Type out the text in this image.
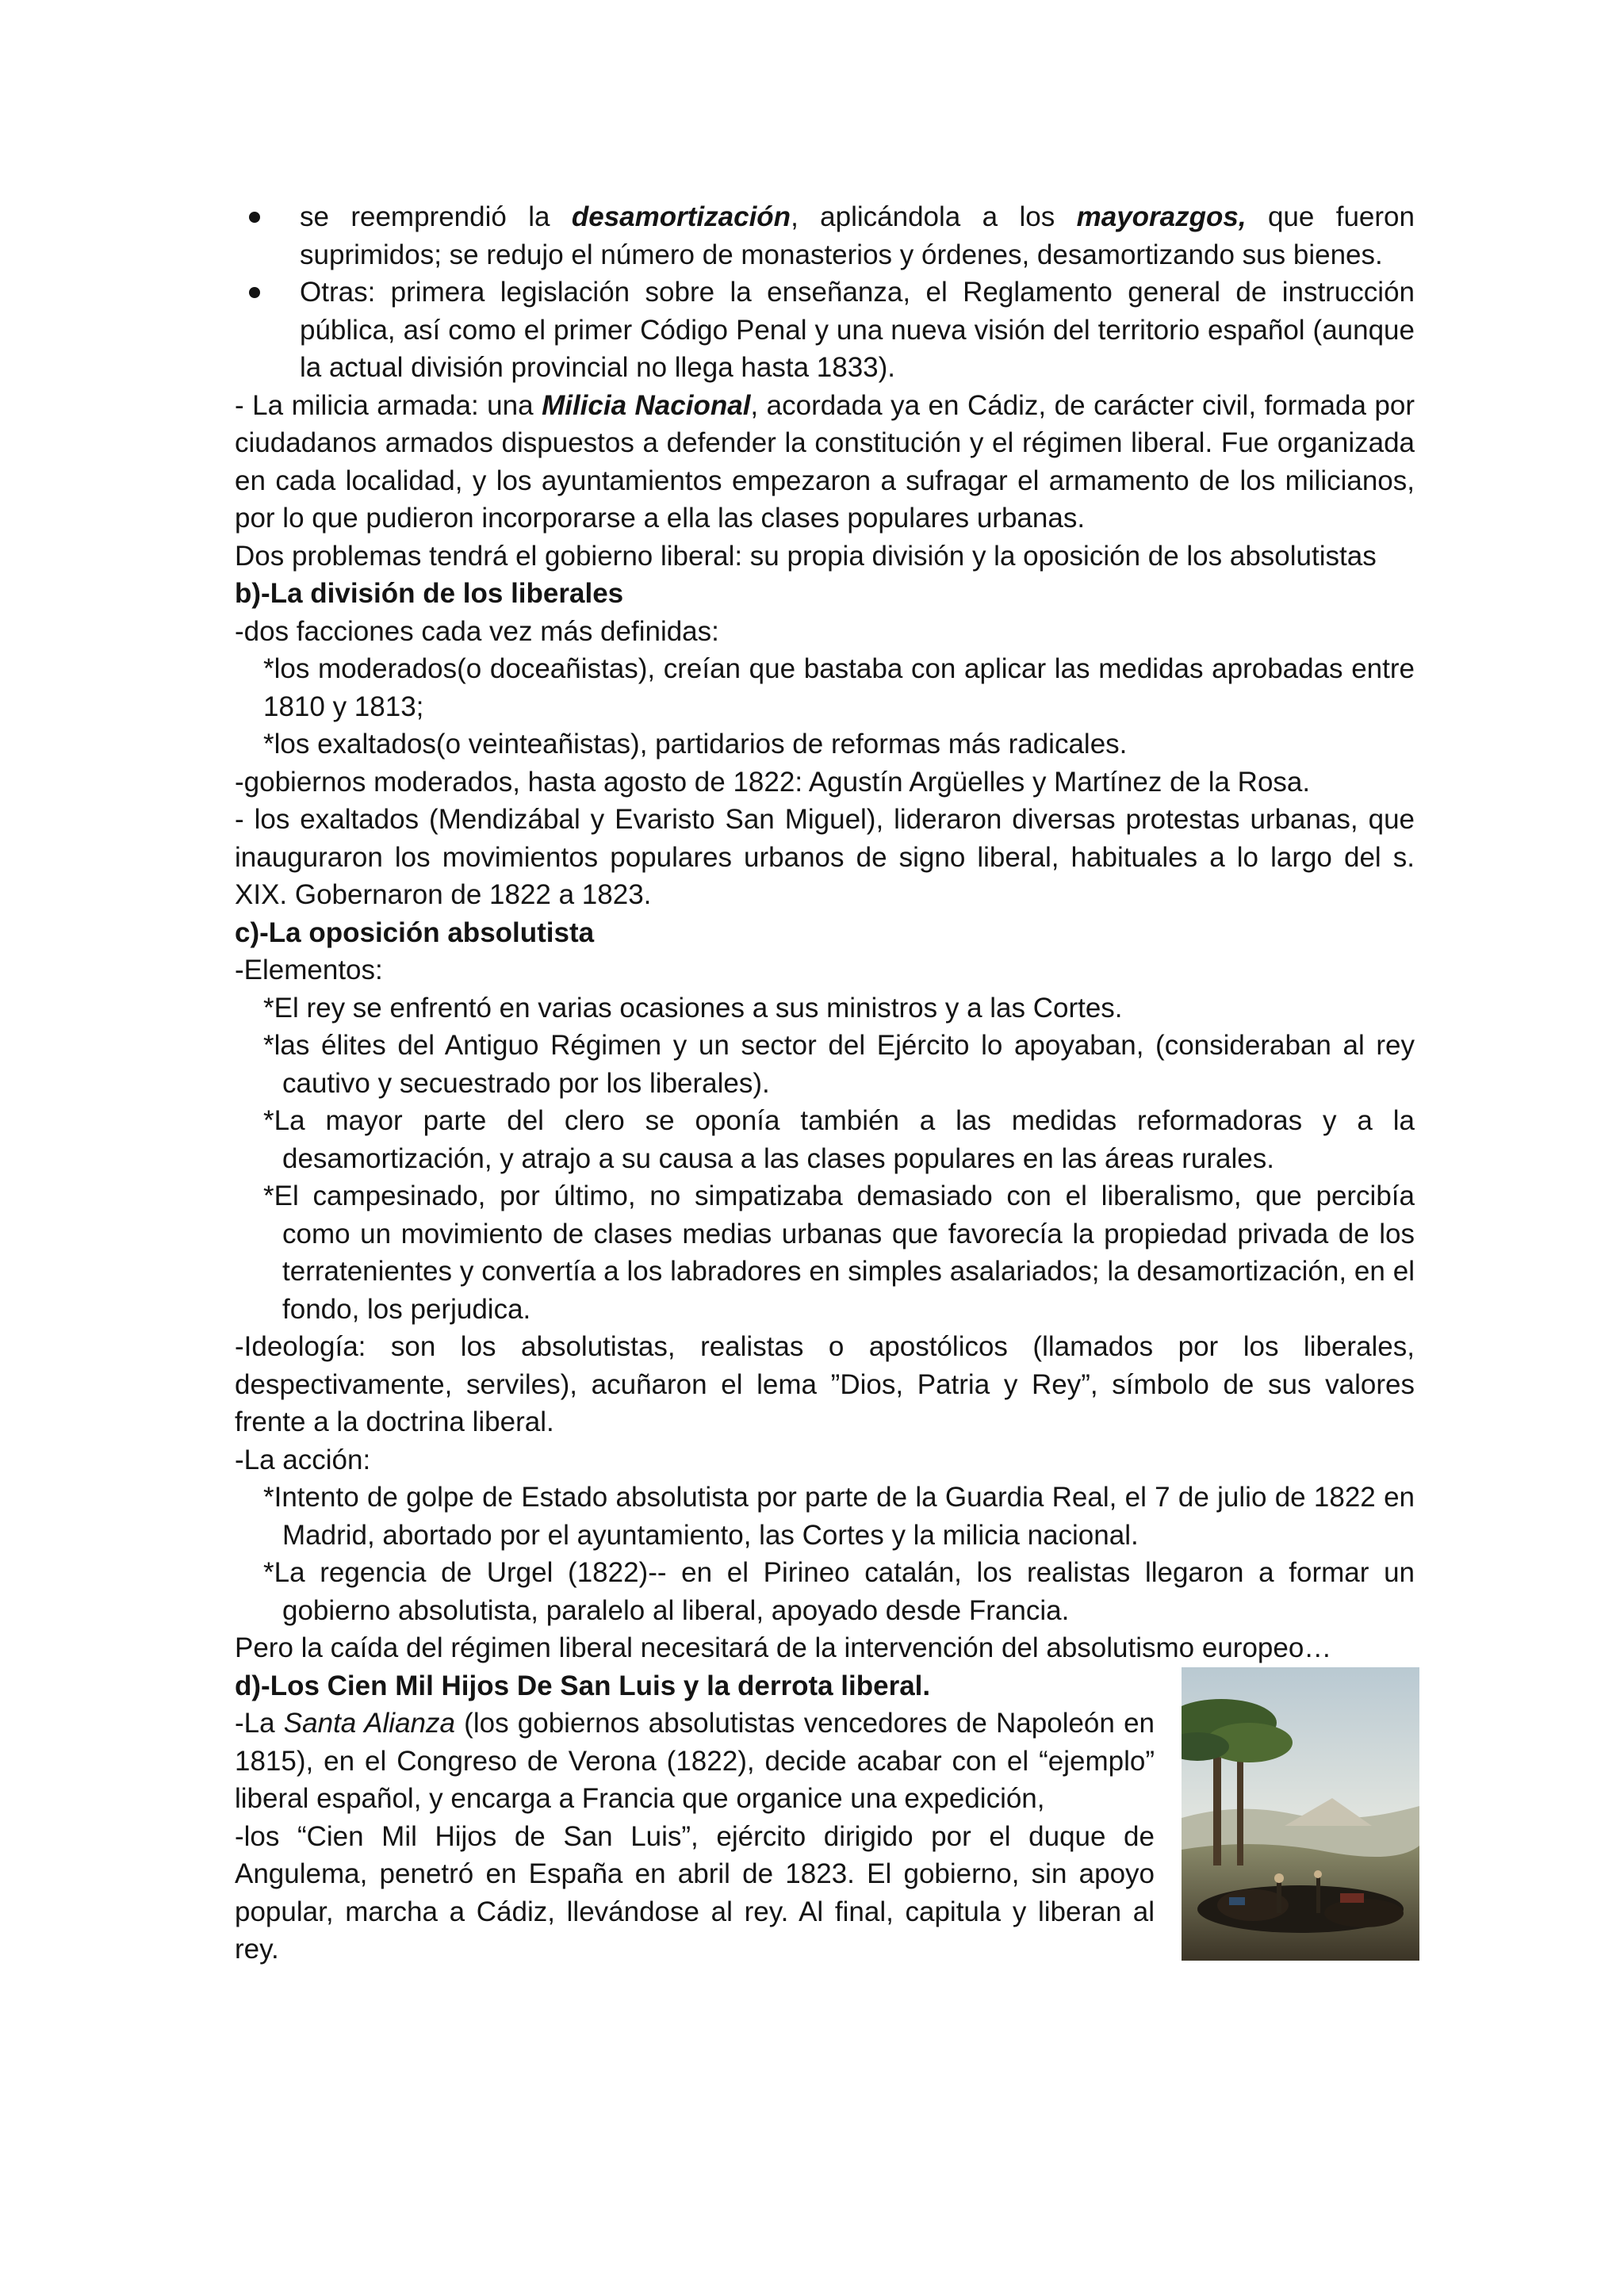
se reemprendió la desamortización, aplicándola a los mayorazgos, que fueron suprimidos; se redujo el número de monasterios y órdenes, desamortizando sus bienes.
Otras: primera legislación sobre la enseñanza, el Reglamento general de instrucción pública, así como el primer Código Penal y una nueva visión del territorio español (aunque la actual división provincial no llega hasta 1833).

- La milicia armada: una Milicia Nacional, acordada ya en Cádiz, de carácter civil, formada por ciudadanos armados dispuestos a defender la constitución y el régimen liberal. Fue organizada en cada localidad, y los ayuntamientos empezaron a sufragar el armamento de los milicianos, por lo que pudieron incorporarse a ella las clases populares urbanas.

Dos problemas tendrá el gobierno liberal: su propia división y la oposición de los absolutistas

b)-La división de los liberales

-dos facciones cada vez más definidas:

*los moderados(o doceañistas), creían que bastaba con aplicar las medidas aprobadas entre 1810 y 1813;

*los exaltados(o veinteañistas), partidarios de reformas más radicales.

-gobiernos moderados, hasta agosto de 1822: Agustín Argüelles y Martínez de la Rosa.

- los exaltados (Mendizábal y Evaristo San Miguel), lideraron diversas protestas urbanas, que inauguraron los movimientos populares urbanos de signo liberal, habituales a lo largo del s. XIX. Gobernaron de 1822 a 1823.

c)-La oposición absolutista

-Elementos:

*El rey se enfrentó en varias ocasiones a sus ministros y a las Cortes.

*las élites del Antiguo Régimen y un sector del Ejército lo apoyaban, (consideraban al rey cautivo y secuestrado por los liberales).

*La mayor parte del clero se oponía también a las medidas reformadoras y a la desamortización, y atrajo a su causa a las clases populares en las áreas rurales.

*El campesinado, por último, no simpatizaba demasiado con el liberalismo, que percibía como un movimiento de clases medias urbanas que favorecía la propiedad privada de los terratenientes y convertía a los labradores en simples asalariados; la desamortización, en el fondo, los perjudica.

-Ideología: son los absolutistas, realistas o apostólicos (llamados por los liberales, despectivamente, serviles), acuñaron el lema ”Dios, Patria y Rey”, símbolo de sus valores frente a la doctrina liberal.

-La acción:

*Intento de golpe de Estado absolutista por parte de la Guardia Real, el 7 de julio de 1822 en Madrid, abortado por el ayuntamiento, las Cortes y la milicia nacional.

*La regencia de Urgel (1822)-- en el Pirineo catalán, los realistas llegaron a formar un gobierno absolutista, paralelo al liberal, apoyado desde Francia.

Pero la caída del régimen liberal necesitará de la intervención del absolutismo europeo…

d)-Los Cien Mil Hijos De San Luis y la derrota liberal.

-La Santa Alianza (los gobiernos absolutistas vencedores de Napoleón en 1815), en el Congreso de Verona (1822), decide acabar con el “ejemplo” liberal español, y encarga a Francia que organice una expedición,

-los “Cien Mil Hijos de San Luis”, ejército dirigido por el duque de Angulema, penetró en España en abril de 1823. El gobierno, sin apoyo popular, marcha a Cádiz, llevándose al rey. Al final, capitula y liberan al rey.
